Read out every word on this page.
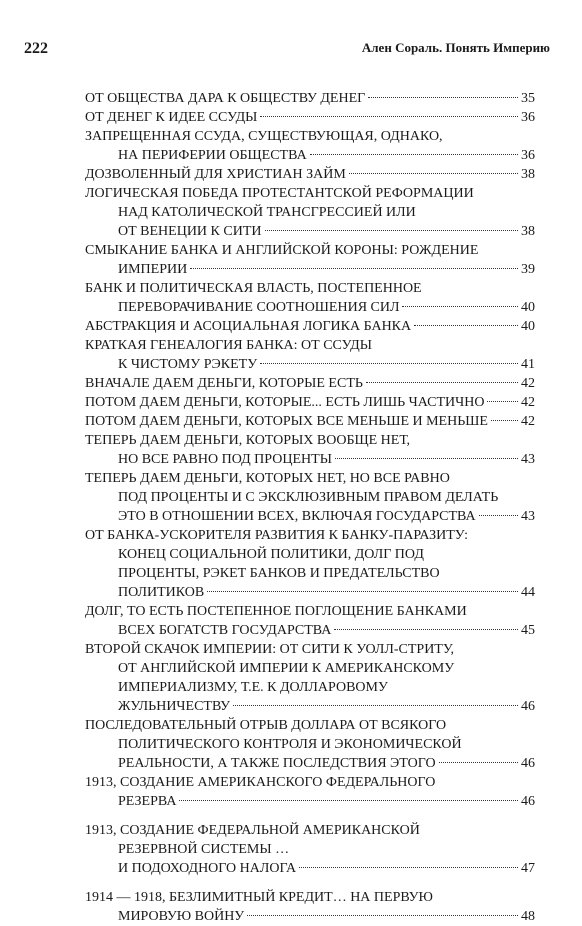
222	Ален Сораль. Понять Империю
ОТ ОБЩЕСТВА ДАРА К ОБЩЕСТВУ ДЕНЕГ	35
ОТ ДЕНЕГ К ИДЕЕ ССУДЫ	36
ЗАПРЕЩЕННАЯ ССУДА, СУЩЕСТВУЮЩАЯ, ОДНАКО,
НА ПЕРИФЕРИИ ОБЩЕСТВА	36
ДОЗВОЛЕННЫЙ ДЛЯ ХРИСТИАН ЗАЙМ	38
ЛОГИЧЕСКАЯ ПОБЕДА ПРОТЕСТАНТСКОЙ РЕФОРМАЦИИ
НАД КАТОЛИЧЕСКОЙ ТРАНСГРЕССИЕЙ ИЛИ
ОТ ВЕНЕЦИИ К СИТИ	38
СМЫКАНИЕ БАНКА И АНГЛИЙСКОЙ КОРОНЫ: РОЖДЕНИЕ
ИМПЕРИИ	39
БАНК И ПОЛИТИЧЕСКАЯ ВЛАСТЬ, ПОСТЕПЕННОЕ
ПЕРЕВОРАЧИВАНИЕ СООТНОШЕНИЯ СИЛ	40
АБСТРАКЦИЯ И АСОЦИАЛЬНАЯ ЛОГИКА БАНКА	40
КРАТКАЯ ГЕНЕАЛОГИЯ БАНКА: ОТ ССУДЫ
К ЧИСТОМУ РЭКЕТУ	41
ВНАЧАЛЕ ДАЕМ ДЕНЬГИ, КОТОРЫЕ ЕСТЬ	42
ПОТОМ ДАЕМ ДЕНЬГИ, КОТОРЫЕ... ЕСТЬ ЛИШЬ ЧАСТИЧНО	42
ПОТОМ ДАЕМ ДЕНЬГИ, КОТОРЫХ ВСЕ МЕНЬШЕ И МЕНЬШЕ 42
ТЕПЕРЬ ДАЕМ ДЕНЬГИ, КОТОРЫХ ВООБЩЕ НЕТ,
НО ВСЕ РАВНО ПОД ПРОЦЕНТЫ	43
ТЕПЕРЬ ДАЕМ ДЕНЬГИ, КОТОРЫХ НЕТ, НО ВСЕ РАВНО
ПОД ПРОЦЕНТЫ И С ЭКСКЛЮЗИВНЫМ ПРАВОМ ДЕЛАТЬ
ЭТО В ОТНОШЕНИИ ВСЕХ, ВКЛЮЧАЯ ГОСУДАРСТВА	43
ОТ БАНКА-УСКОРИТЕЛЯ РАЗВИТИЯ К БАНКУ-ПАРАЗИТУ:
КОНЕЦ СОЦИАЛЬНОЙ ПОЛИТИКИ, ДОЛГ ПОД
ПРОЦЕНТЫ, РЭКЕТ БАНКОВ И ПРЕДАТЕЛЬСТВО
ПОЛИТИКОВ	44
ДОЛГ, ТО ЕСТЬ ПОСТЕПЕННОЕ ПОГЛОЩЕНИЕ БАНКАМИ
ВСЕХ БОГАТСТВ ГОСУДАРСТВА	45
ВТОРОЙ СКАЧОК ИМПЕРИИ: ОТ СИТИ К УОЛЛ-СТРИТУ,
ОТ АНГЛИЙСКОЙ ИМПЕРИИ К АМЕРИКАНСКОМУ
ИМПЕРИАЛИЗМУ, Т.Е. К ДОЛЛАРОВОМУ
ЖУЛЬНИЧЕСТВУ	46
ПОСЛЕДОВАТЕЛЬНЫЙ ОТРЫВ ДОЛЛАРА ОТ ВСЯКОГО
ПОЛИТИЧЕСКОГО КОНТРОЛЯ И ЭКОНОМИЧЕСКОЙ
РЕАЛЬНОСТИ, А ТАКЖЕ ПОСЛЕДСТВИЯ ЭТОГО	46
1913, СОЗДАНИЕ АМЕРИКАНСКОГО ФЕДЕРАЛЬНОГО
РЕЗЕРВА	46
1913, СОЗДАНИЕ ФЕДЕРАЛЬНОЙ АМЕРИКАНСКОЙ
РЕЗЕРВНОЙ СИСТЕМЫ …
И ПОДОХОДНОГО НАЛОГА	47
1914 — 1918, БЕЗЛИМИТНЫЙ КРЕДИТ… НА ПЕРВУЮ
МИРОВУЮ ВОЙНУ	48
